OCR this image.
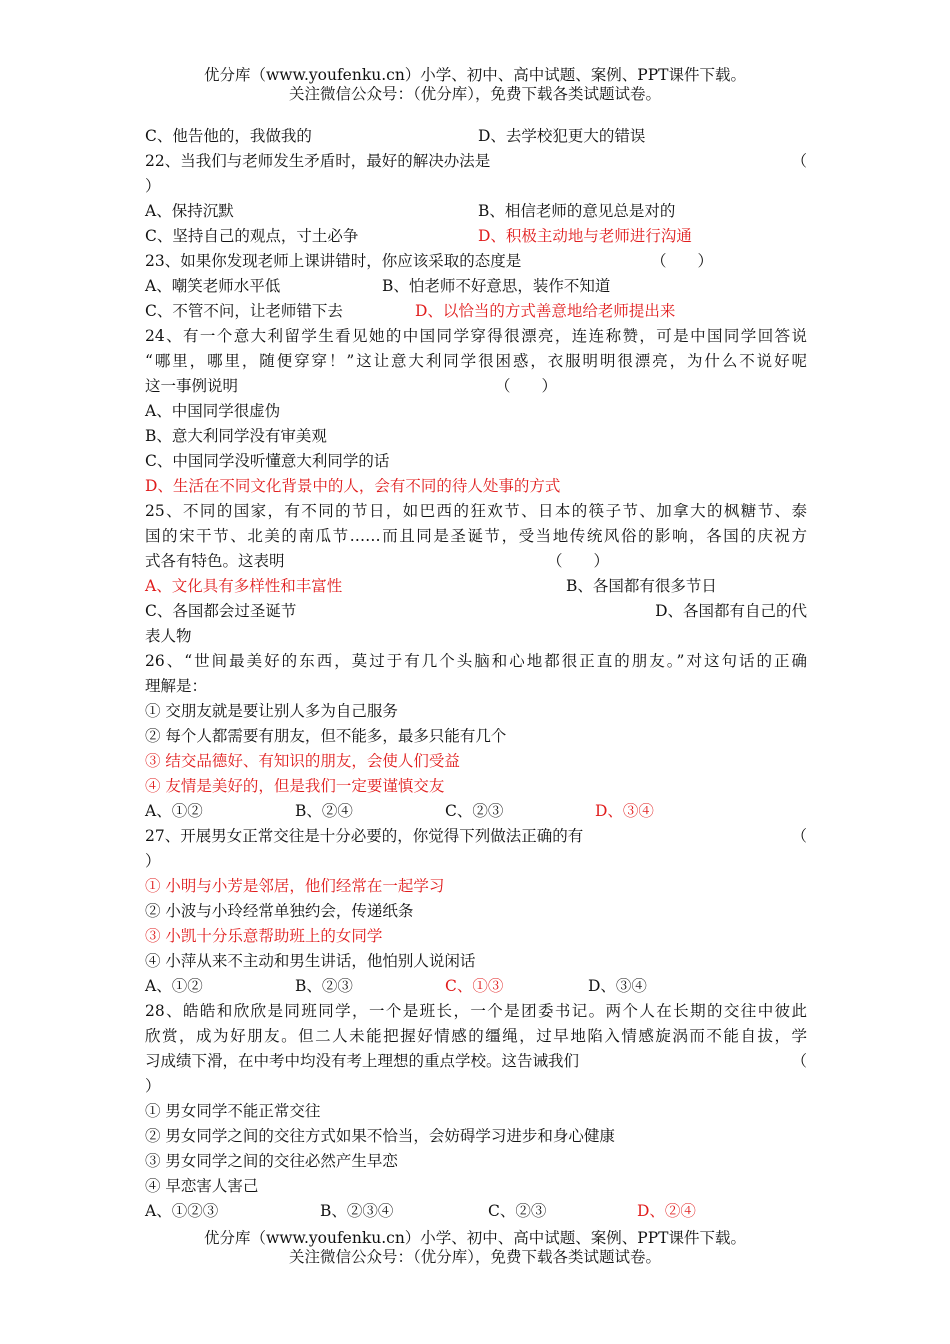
优分库（www.youfenku.cn）小学、初中、高中试题、案例、PPT课件下载。
关注微信公众号：（优分库），免费下载各类试题试卷。
C、他告他的，我做我的	D、去学校犯更大的错误
22、当我们与老师发生矛盾时，最好的解决办法是	（
）
A、保持沉默	B、相信老师的意见总是对的
C、坚持自己的观点，寸土必争	D、积极主动地与老师进行沟通
23、如果你发现老师上课讲错时，你应该采取的态度是	（　　）
A、嘲笑老师水平低	B、怕老师不好意思，装作不知道
C、不管不问，让老师错下去	D、以恰当的方式善意地给老师提出来
24、有一个意大利留学生看见她的中国同学穿得很漂亮，连连称赞，可是中国同学回答说
“哪里，哪里，随便穿穿！”这让意大利同学很困惑，衣服明明很漂亮，为什么不说好呢
这一事例说明	（　　）
A、中国同学很虚伪
B、意大利同学没有审美观
C、中国同学没听懂意大利同学的话
D、生活在不同文化背景中的人，会有不同的待人处事的方式
25、不同的国家，有不同的节日，如巴西的狂欢节、日本的筷子节、加拿大的枫糖节、泰
国的宋干节、北美的南瓜节……而且同是圣诞节，受当地传统风俗的影响，各国的庆祝方
式各有特色。这表明	（　　）
A、文化具有多样性和丰富性	B、各国都有很多节日
C、各国都会过圣诞节	D、各国都有自己的代
表人物
26、“世间最美好的东西，莫过于有几个头脑和心地都很正直的朋友。”对这句话的正确
理解是：
① 交朋友就是要让别人多为自己服务
② 每个人都需要有朋友，但不能多，最多只能有几个
③ 结交品德好、有知识的朋友，会使人们受益
④ 友情是美好的，但是我们一定要谨慎交友
A、①②	B、②④	C、②③	D、③④
27、开展男女正常交往是十分必要的，你觉得下列做法正确的有	（
）
① 小明与小芳是邻居，他们经常在一起学习
② 小波与小玲经常单独约会，传递纸条
③ 小凯十分乐意帮助班上的女同学
④ 小萍从来不主动和男生讲话，他怕别人说闲话
A、①②	B、②③	C、①③	D、③④
28、皓皓和欣欣是同班同学，一个是班长，一个是团委书记。两个人在长期的交往中彼此
欣赏，成为好朋友。但二人未能把握好情感的缰绳，过早地陷入情感旋涡而不能自拔，学
习成绩下滑，在中考中均没有考上理想的重点学校。这告诫我们	（
）
① 男女同学不能正常交往
② 男女同学之间的交往方式如果不恰当，会妨碍学习进步和身心健康
③ 男女同学之间的交往必然产生早恋
④ 早恋害人害己
A、①②③	B、②③④	C、②③	D、②④
优分库（www.youfenku.cn）小学、初中、高中试题、案例、PPT课件下载。
关注微信公众号：（优分库），免费下载各类试题试卷。
